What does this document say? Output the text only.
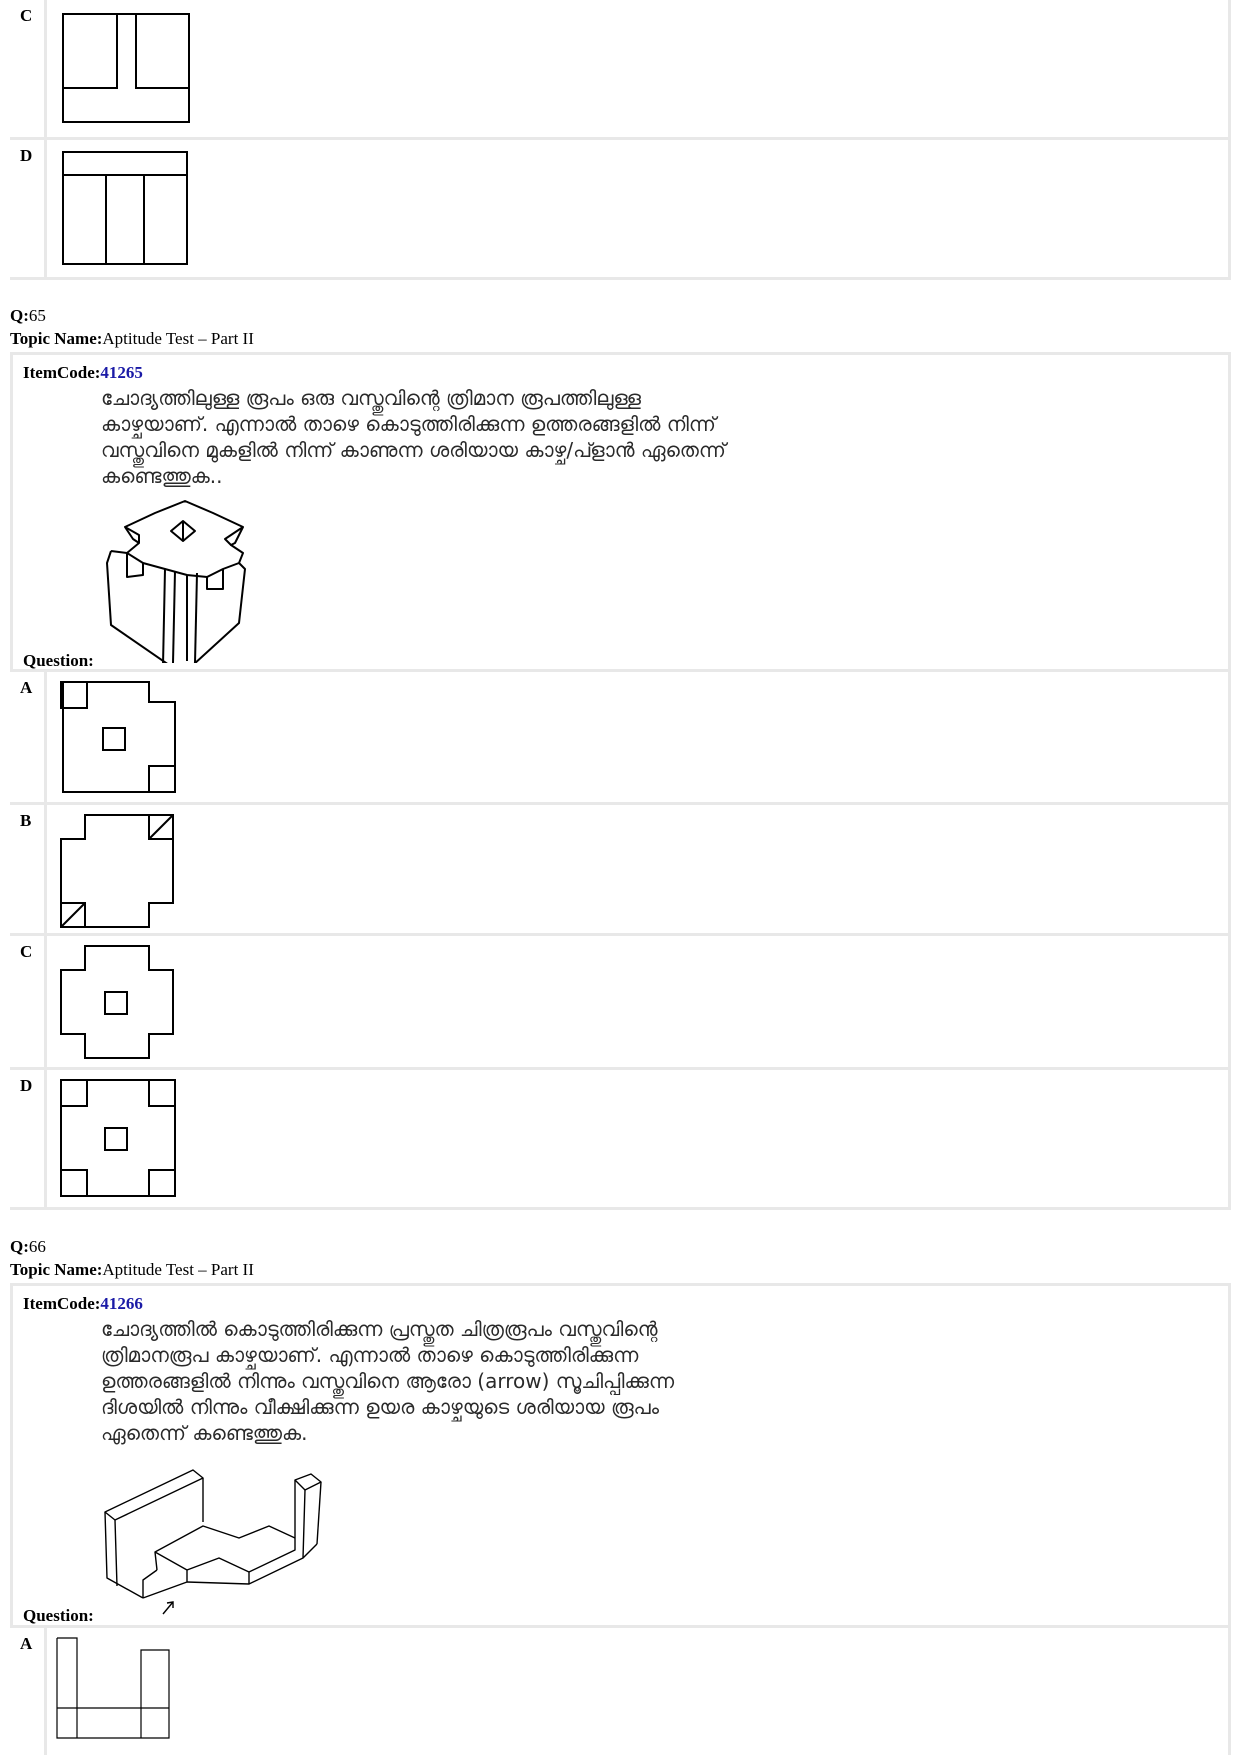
C
D
Q:65
Topic Name:Aptitude Test – Part II
ItemCode:41265
ചോദ്യത്തിലുള്ള രൂപം ഒരു വസ്തുവിന്റെ ത്രിമാന രൂപത്തിലുള്ള
കാഴ്ചയാണ്. എന്നാൽ താഴെ കൊടുത്തിരിക്കുന്ന ഉത്തരങ്ങളിൽ നിന്ന്
വസ്തുവിനെ മുകളിൽ നിന്ന് കാണുന്ന ശരിയായ കാഴ്ച/പ്ളാൻ ഏതെന്ന്
കണ്ടെത്തുക..
Question:
A
B
C
D
Q:66
Topic Name:Aptitude Test – Part II
ItemCode:41266
ചോദ്യത്തിൽ കൊടുത്തിരിക്കുന്ന പ്രസ്തുത ചിത്രരൂപം വസ്തുവിന്റെ
ത്രിമാനരൂപ കാഴ്ചയാണ്. എന്നാൽ താഴെ കൊടുത്തിരിക്കുന്ന
ഉത്തരങ്ങളിൽ നിന്നും വസ്തുവിനെ ആരോ (arrow) സൂചിപ്പിക്കുന്ന
ദിശയിൽ നിന്നും വീക്ഷിക്കുന്ന ഉയര കാഴ്ചയുടെ ശരിയായ രൂപം
ഏതെന്ന് കണ്ടെത്തുക.
Question:
A
